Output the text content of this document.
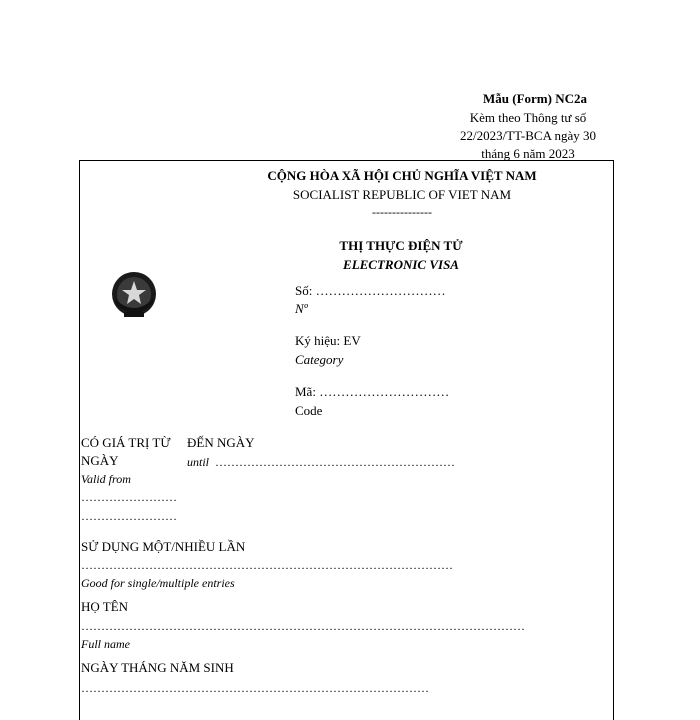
Mẫu (Form) NC2a
Kèm theo Thông tư số
22/2023/TT-BCA ngày 30
tháng 6 năm 2023
CỘNG HÒA XÃ HỘI CHỦ NGHĨA VIỆT NAM
SOCIALIST REPUBLIC OF VIET NAM
---------------
THỊ THỰC ĐIỆN TỬ
ELECTRONIC VISA
Số: …………………………
Nº
Ký hiệu: EV
Category
Mã: …………………………
Code
CÓ GIÁ TRỊ TỪ
NGÀY
Valid from
……………………
……………………
ĐẾN NGÀY
until ……………………………………………………
SỬ DỤNG MỘT/NHIỀU LẦN
…………………………………………………………………………………
Good for single/multiple entries
HỌ TÊN
…………………………………………………………………………………………………
Full name
NGÀY THÁNG NĂM SINH
……………………………………………………………………………
